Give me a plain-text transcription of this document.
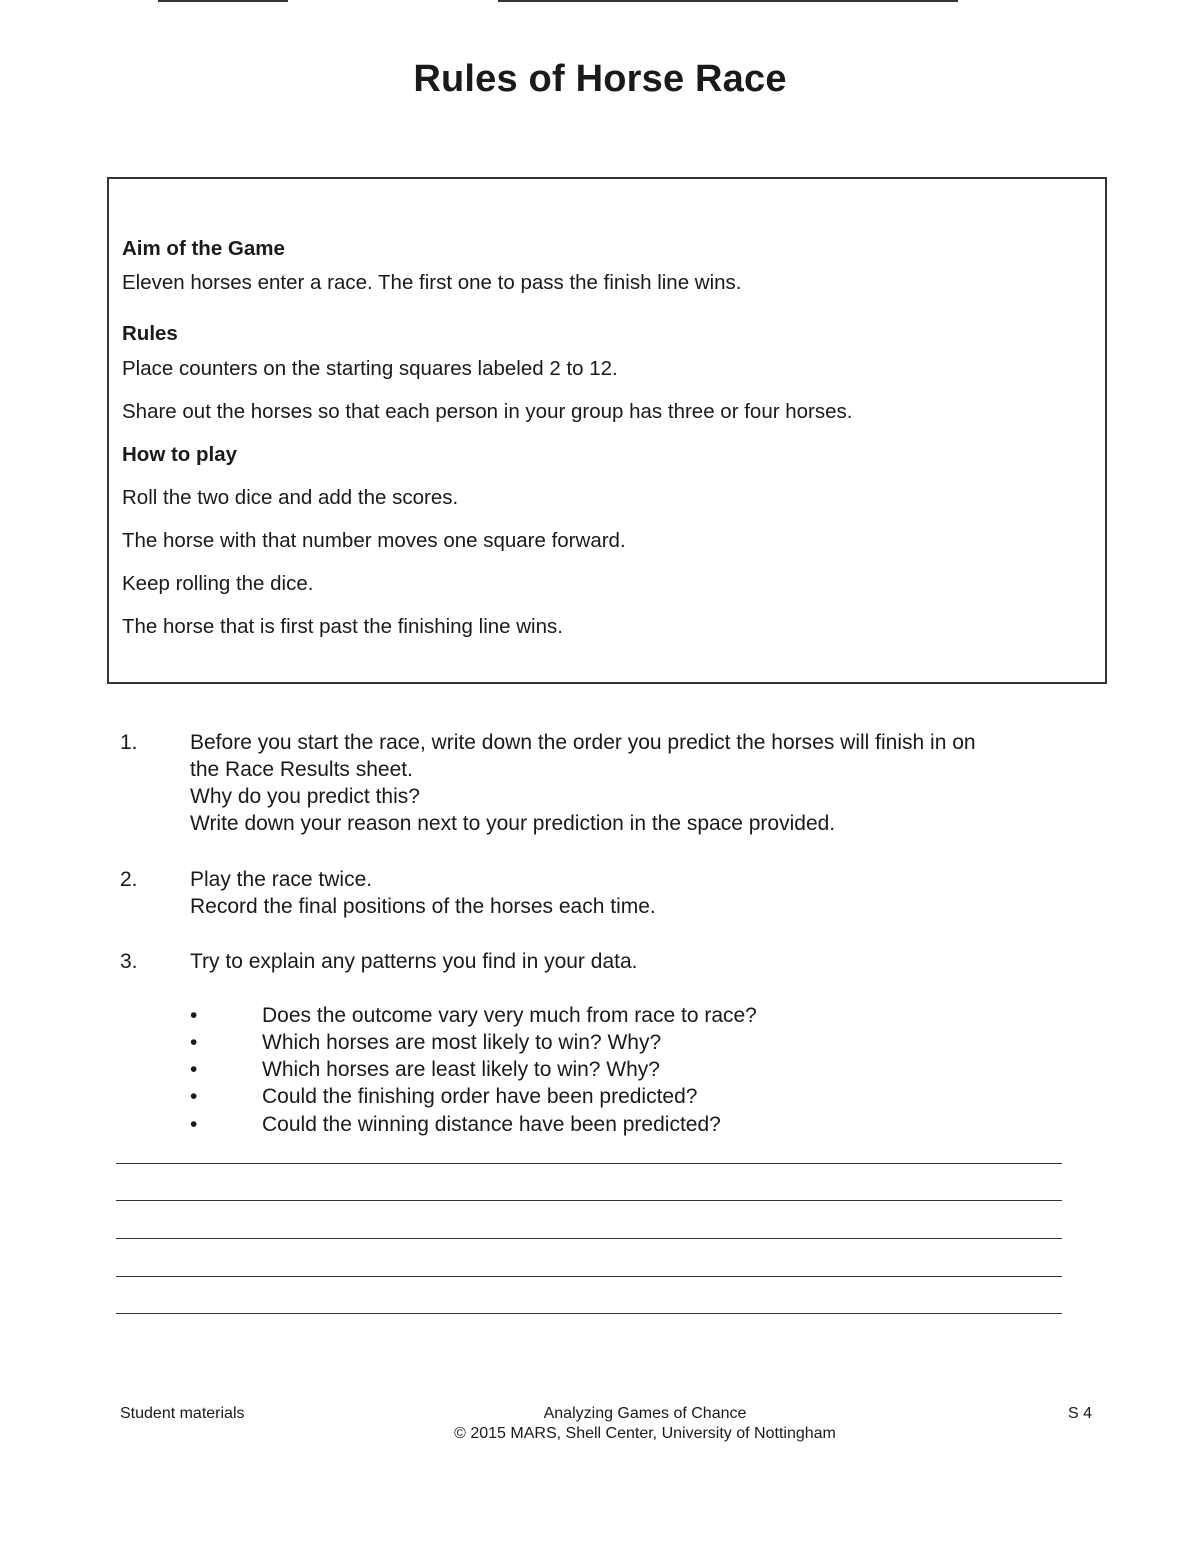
Rules of Horse Race
Aim of the Game
Eleven horses enter a race. The first one to pass the finish line wins.
Rules
Place counters on the starting squares labeled 2 to 12.
Share out the horses so that each person in your group has three or four horses.
How to play
Roll the two dice and add the scores.
The horse with that number moves one square forward.
Keep rolling the dice.
The horse that is first past the finishing line wins.
1. Before you start the race, write down the order you predict the horses will finish in on
the Race Results sheet.
Why do you predict this?
Write down your reason next to your prediction in the space provided.
2. Play the race twice.
Record the final positions of the horses each time.
3. Try to explain any patterns you find in your data.
•	Does the outcome vary very much from race to race?
•	Which horses are most likely to win? Why?
•	Which horses are least likely to win? Why?
•	Could the finishing order have been predicted?
•	Could the winning distance have been predicted?
Student materials	Analyzing Games of Chance
© 2015 MARS, Shell Center, University of Nottingham
S 4
